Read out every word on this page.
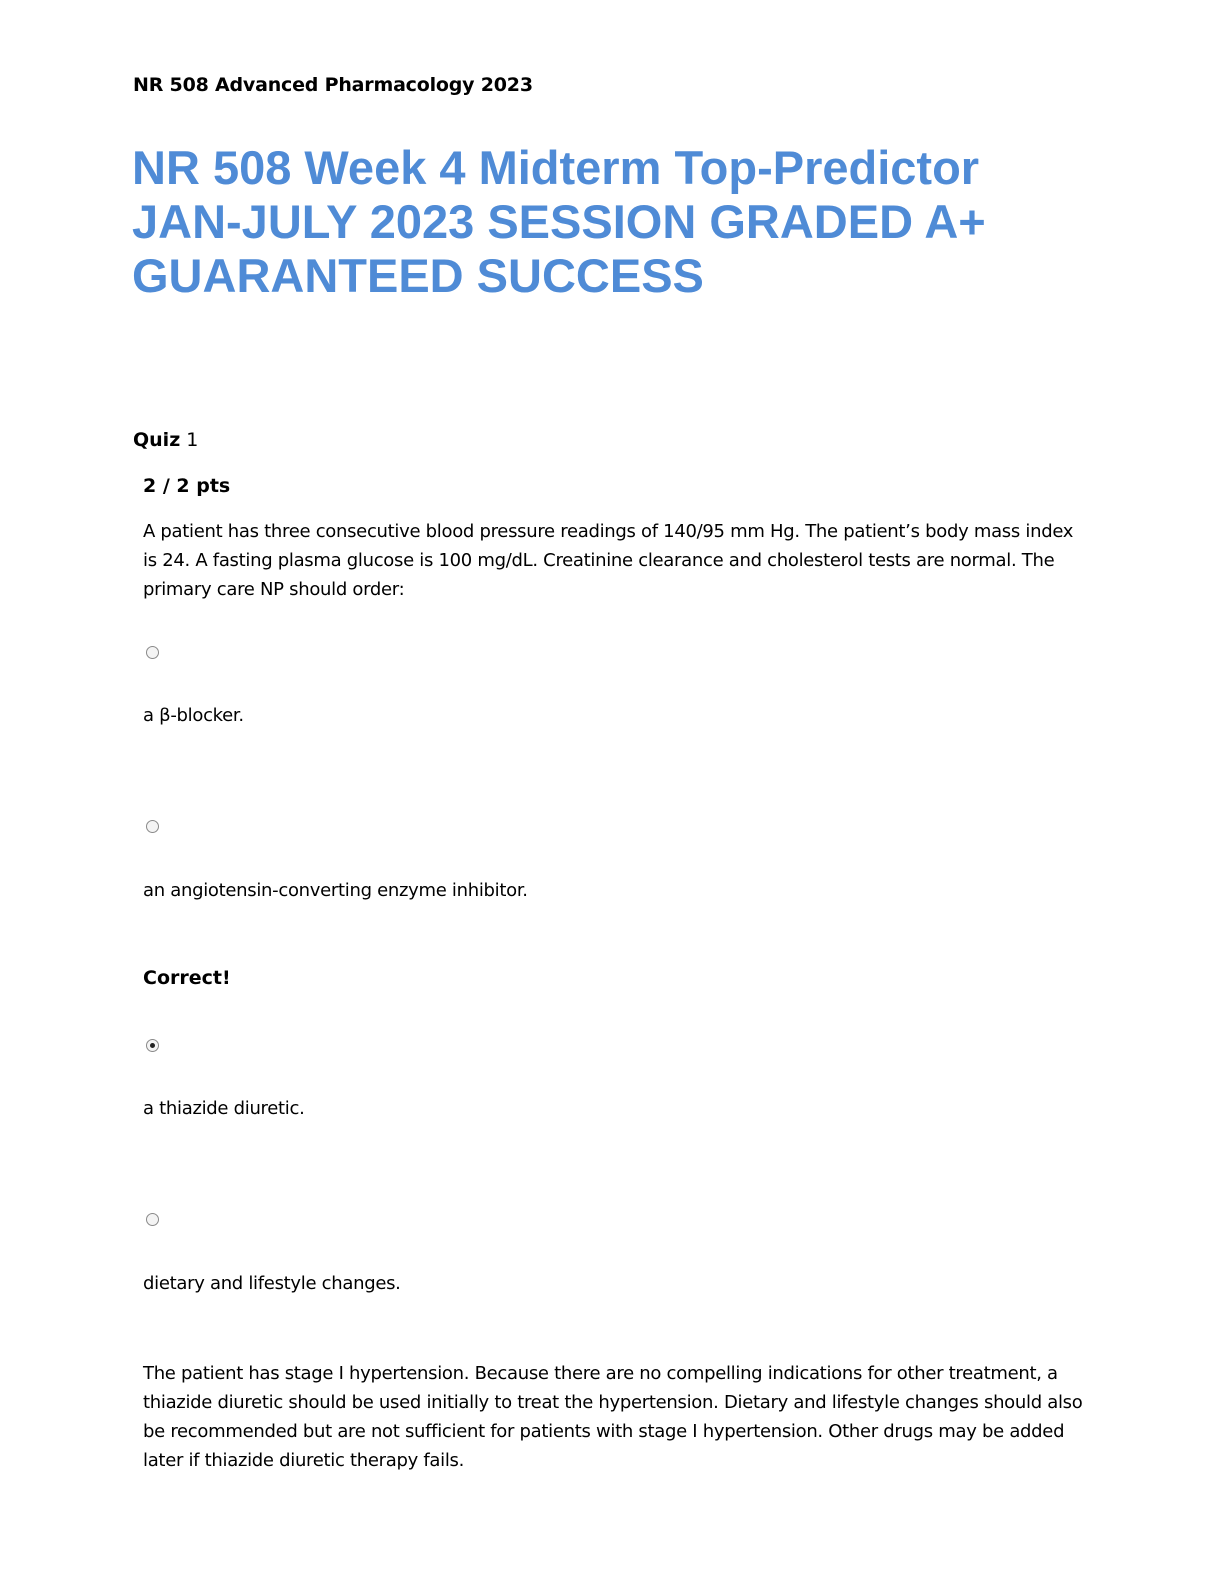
NR 508 Advanced Pharmacology 2023
NR 508 Week 4 Midterm Top-Predictor JAN-JULY 2023 SESSION GRADED A+ GUARANTEED SUCCESS
Quiz 1
2 / 2 pts

A patient has three consecutive blood pressure readings of 140/95 mm Hg. The patient’s body mass index is 24. A fasting plasma glucose is 100 mg/dL. Creatinine clearance and cholesterol tests are normal. The primary care NP should order:

a β-blocker.
an angiotensin-converting enzyme inhibitor.
Correct!
a thiazide diuretic.
dietary and lifestyle changes.

The patient has stage I hypertension. Because there are no compelling indications for other treatment, a thiazide diuretic should be used initially to treat the hypertension. Dietary and lifestyle changes should also be recommended but are not sufficient for patients with stage I hypertension. Other drugs may be added later if thiazide diuretic therapy fails.
